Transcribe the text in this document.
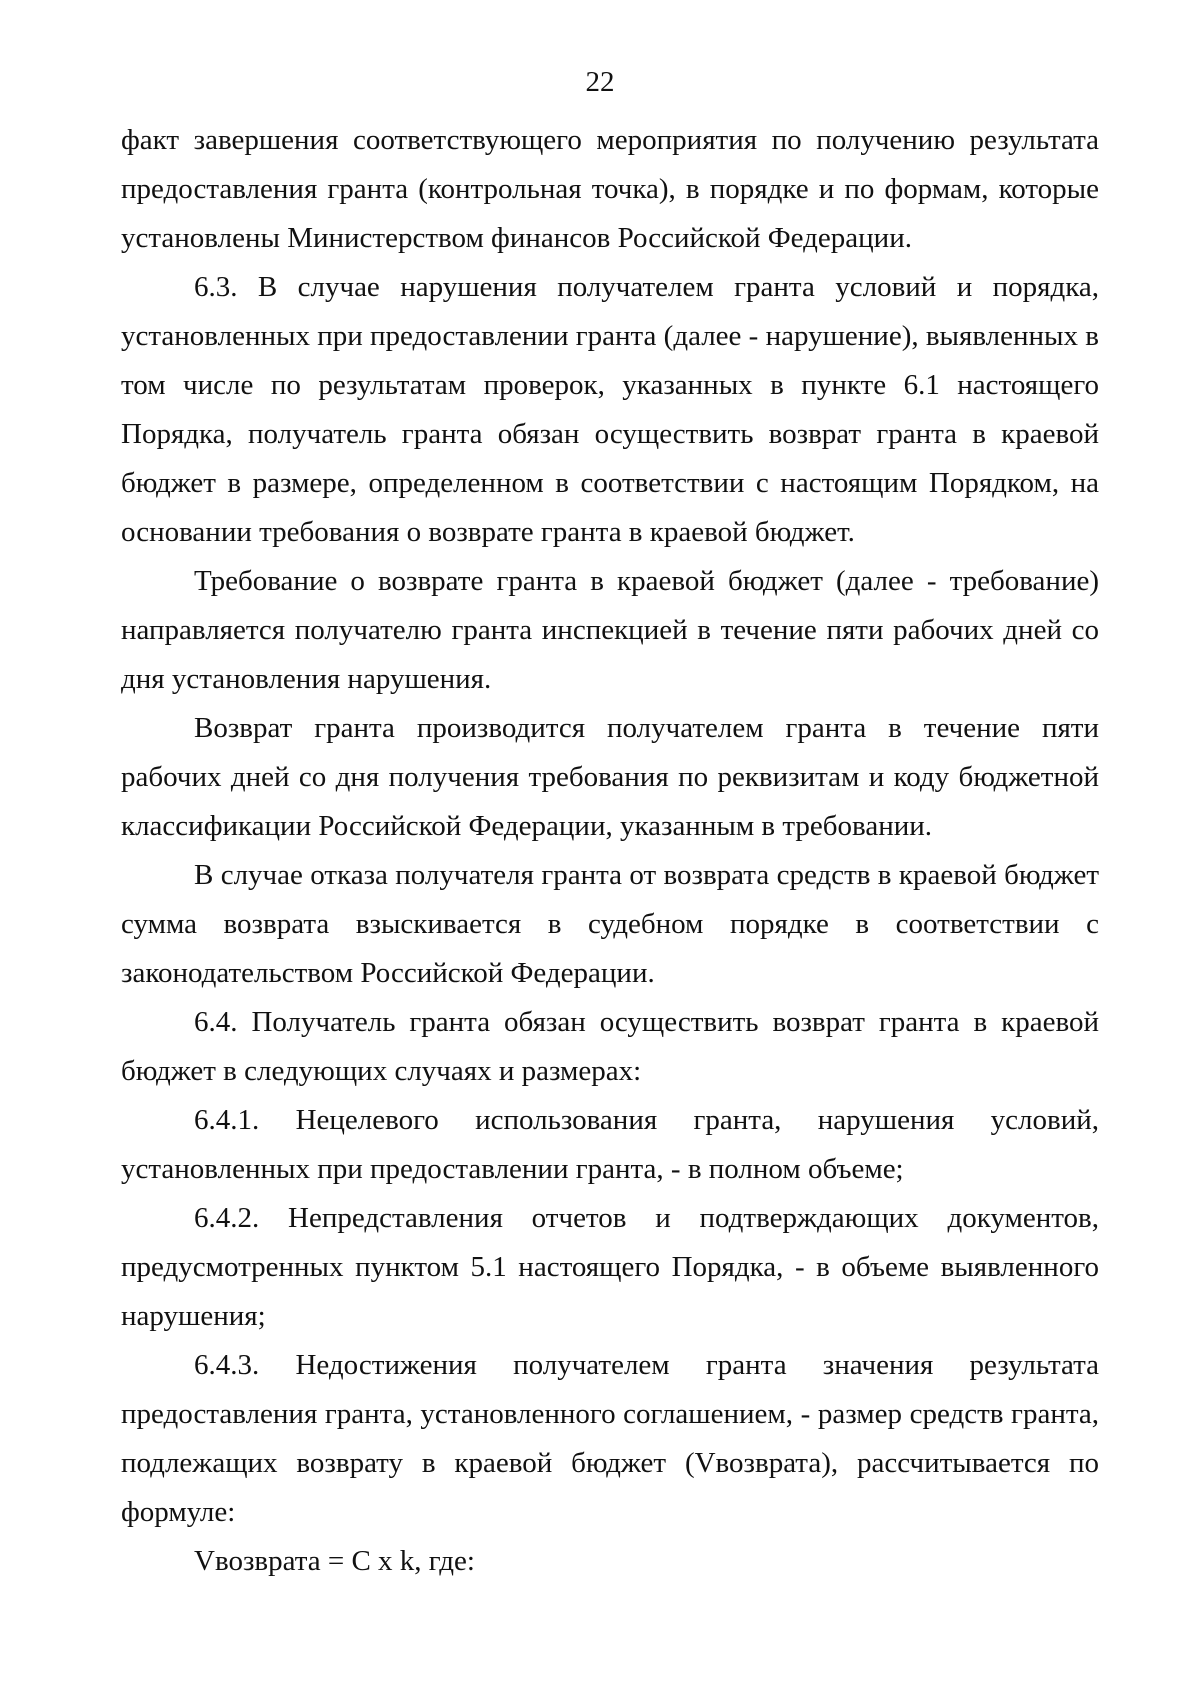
22

факт завершения соответствующего мероприятия по получению результата предоставления гранта (контрольная точка), в порядке и по формам, которые установлены Министерством финансов Российской Федерации.

6.3. В случае нарушения получателем гранта условий и порядка, установленных при предоставлении гранта (далее - нарушение), выявленных в том числе по результатам проверок, указанных в пункте 6.1 настоящего Порядка, получатель гранта обязан осуществить возврат гранта в краевой бюджет в размере, определенном в соответствии с настоящим Порядком, на основании требования о возврате гранта в краевой бюджет.

Требование о возврате гранта в краевой бюджет (далее - требование) направляется получателю гранта инспекцией в течение пяти рабочих дней со дня установления нарушения.

Возврат гранта производится получателем гранта в течение пяти рабочих дней со дня получения требования по реквизитам и коду бюджетной классификации Российской Федерации, указанным в требовании.

В случае отказа получателя гранта от возврата средств в краевой бюджет сумма возврата взыскивается в судебном порядке в соответствии с законодательством Российской Федерации.

6.4. Получатель гранта обязан осуществить возврат гранта в краевой бюджет в следующих случаях и размерах:

6.4.1. Нецелевого использования гранта, нарушения условий, установленных при предоставлении гранта, - в полном объеме;

6.4.2. Непредставления отчетов и подтверждающих документов, предусмотренных пунктом 5.1 настоящего Порядка, - в объеме выявленного нарушения;

6.4.3. Недостижения получателем гранта значения результата предоставления гранта, установленного соглашением, - размер средств гранта, подлежащих возврату в краевой бюджет (Vвозврата), рассчитывается по формуле:

Vвозврата = C x k, где:
